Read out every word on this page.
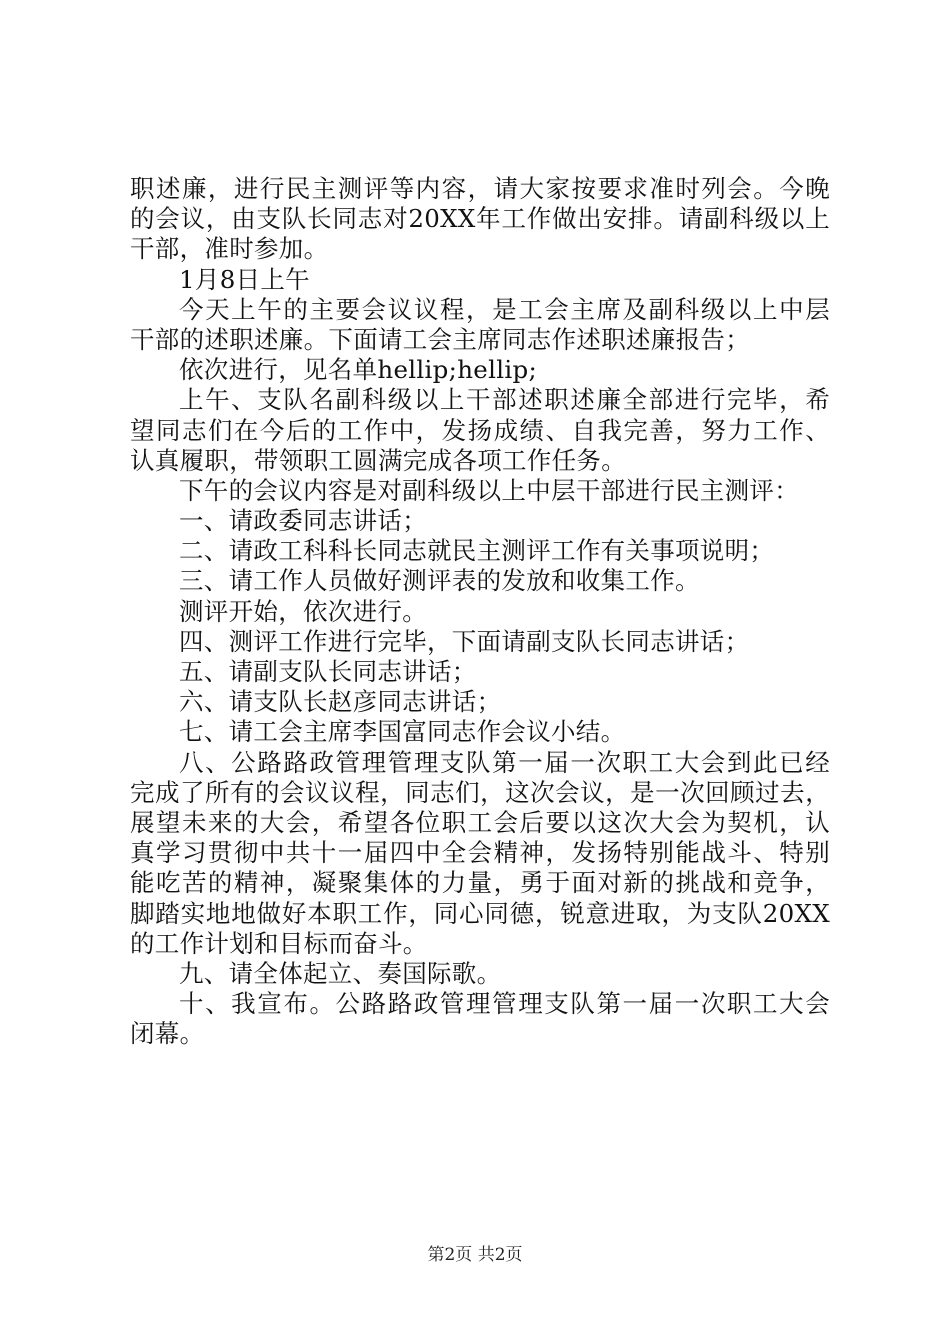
职述廉，进行民主测评等内容，请大家按要求准时列会。今晚
的会议，由支队长同志对20XX年工作做出安排。请副科级以上
干部，准时参加。
1月8日上午
今天上午的主要会议议程，是工会主席及副科级以上中层
干部的述职述廉。下面请工会主席同志作述职述廉报告；
依次进行，见名单hellip;hellip;
上午、支队名副科级以上干部述职述廉全部进行完毕，希
望同志们在今后的工作中，发扬成绩、自我完善，努力工作、
认真履职，带领职工圆满完成各项工作任务。
下午的会议内容是对副科级以上中层干部进行民主测评：
一、请政委同志讲话；
二、请政工科科长同志就民主测评工作有关事项说明；
三、请工作人员做好测评表的发放和收集工作。
测评开始，依次进行。
四、测评工作进行完毕，下面请副支队长同志讲话；
五、请副支队长同志讲话；
六、请支队长赵彦同志讲话；
七、请工会主席李国富同志作会议小结。
八、公路路政管理管理支队第一届一次职工大会到此已经
完成了所有的会议议程，同志们，这次会议，是一次回顾过去，
展望未来的大会，希望各位职工会后要以这次大会为契机，认
真学习贯彻中共十一届四中全会精神，发扬特别能战斗、特别
能吃苦的精神，凝聚集体的力量，勇于面对新的挑战和竞争，
脚踏实地地做好本职工作，同心同德，锐意进取，为支队20XX
的工作计划和目标而奋斗。
九、请全体起立、奏国际歌。
十、我宣布。公路路政管理管理支队第一届一次职工大会
闭幕。
第2页 共2页
